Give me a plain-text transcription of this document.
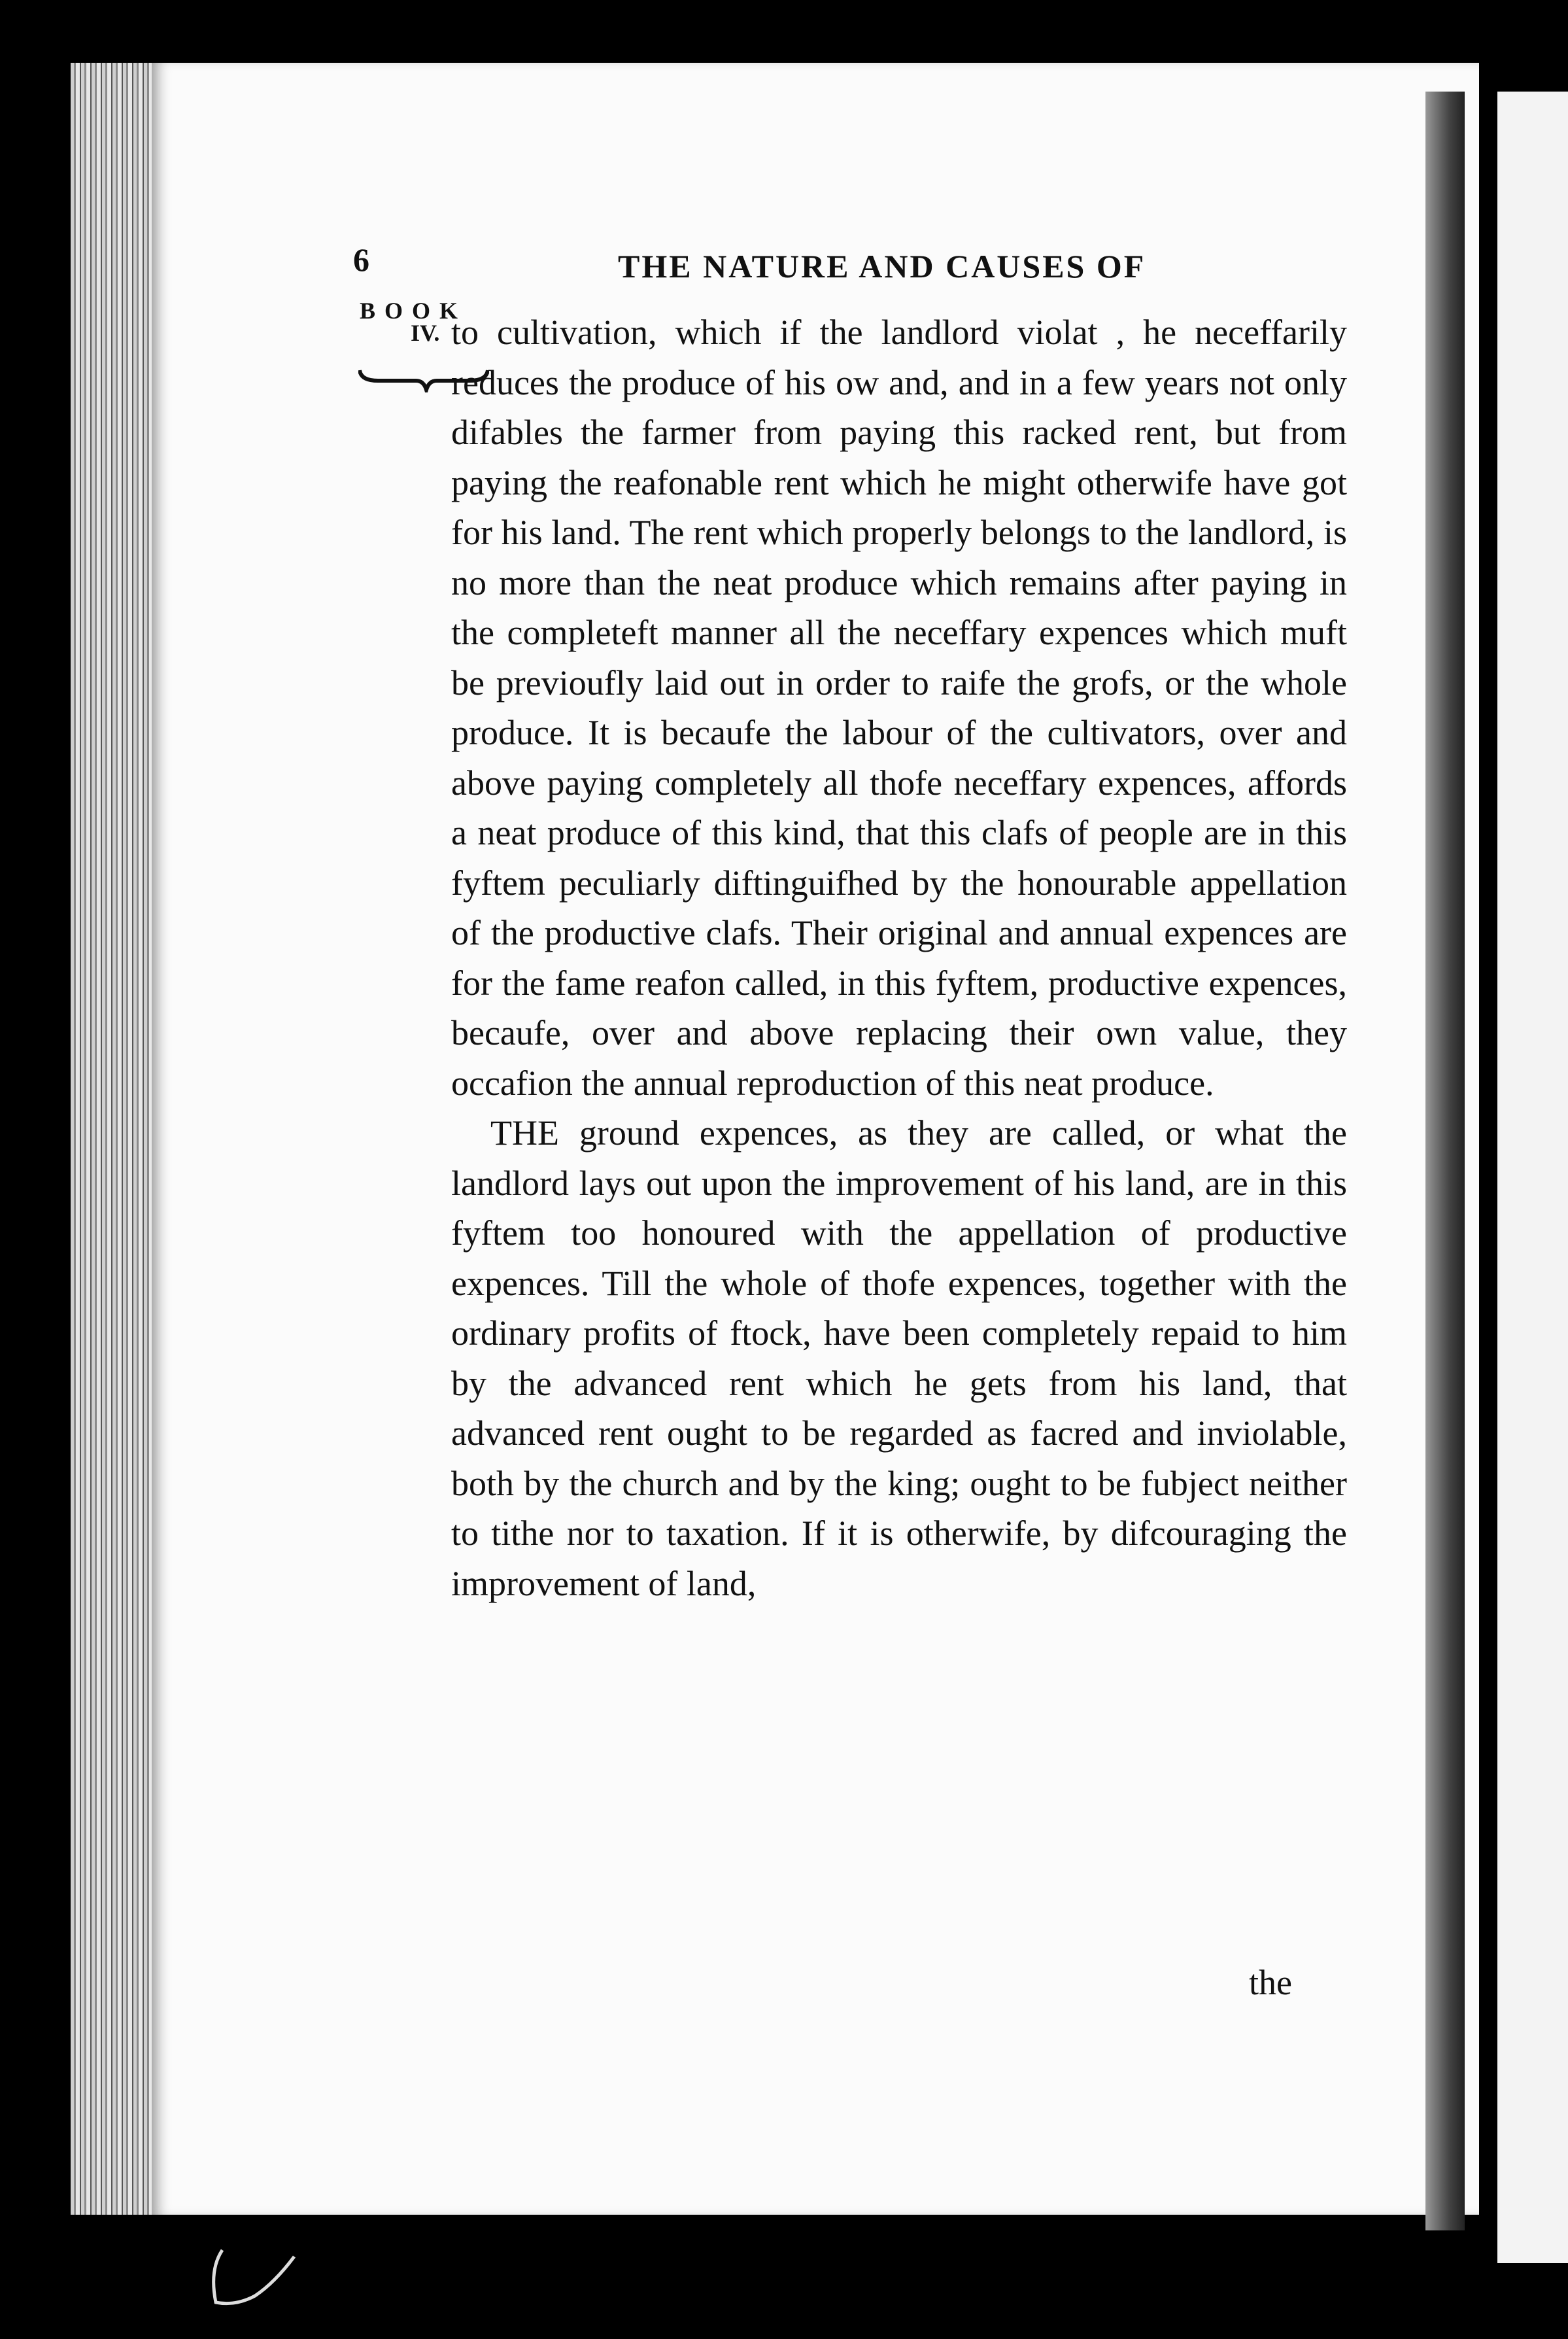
6	THE NATURE AND CAUSES OF
BOOK
IV. to cultivation, which if the landlord violat , he neceffarily reduces the produce of his ow and, and in a few years not only difables the farmer from paying this racked rent, but from paying the reafonable rent which he might otherwife have got for his land. The rent which properly belongs to the landlord, is no more than the neat produce which remains after paying in the completeft manner all the neceffary expences which muft be previoufly laid out in order to raife the grofs, or the whole produce. It is becaufe the labour of the cultivators, over and above paying completely all thofe neceffary expences, affords a neat produce of this kind, that this clafs of people are in this fyftem peculiarly diftinguifhed by the honourable appellation of the productive clafs. Their original and annual expences are for the fame reafon called, in this fyftem, productive expences, becaufe, over and above replacing their own value, they occafion the annual reproduction of this neat produce.

THE ground expences, as they are called, or what the landlord lays out upon the improvement of his land, are in this fyftem too honoured with the appellation of productive expences. Till the whole of thofe expences, together with the ordinary profits of ftock, have been completely repaid to him by the advanced rent which he gets from his land, that advanced rent ought to be regarded as facred and inviolable, both by the church and by the king; ought to be fubject neither to tithe nor to taxation. If it is otherwife, by difcouraging the improvement of land,

the
